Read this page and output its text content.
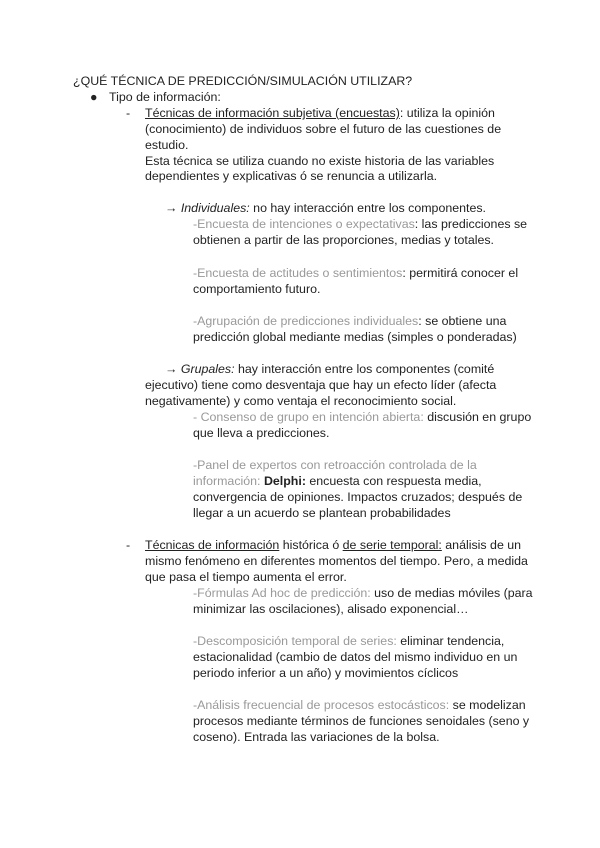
¿QUÉ TÉCNICA DE PREDICCIÓN/SIMULACIÓN UTILIZAR?
● Tipo de información:
- Técnicas de información subjetiva (encuestas): utiliza la opinión
(conocimiento) de individuos sobre el futuro de las cuestiones de
estudio.
Esta técnica se utiliza cuando no existe historia de las variables
dependientes y explicativas ó se renuncia a utilizarla.
→ Individuales: no hay interacción entre los componentes.
-Encuesta de intenciones o expectativas: las predicciones se
obtienen a partir de las proporciones, medias y totales.
-Encuesta de actitudes o sentimientos: permitirá conocer el
comportamiento futuro.
-Agrupación de predicciones individuales: se obtiene una
predicción global mediante medias (simples o ponderadas)
→ Grupales: hay interacción entre los componentes (comité
ejecutivo) tiene como desventaja que hay un efecto líder (afecta
negativamente) y como ventaja el reconocimiento social.
- Consenso de grupo en intención abierta: discusión en grupo
que lleva a predicciones.
-Panel de expertos con retroacción controlada de la
información: Delphi: encuesta con respuesta media,
convergencia de opiniones. Impactos cruzados; después de
llegar a un acuerdo se plantean probabilidades
- Técnicas de información histórica ó de serie temporal: análisis de un
mismo fenómeno en diferentes momentos del tiempo. Pero, a medida
que pasa el tiempo aumenta el error.
-Fórmulas Ad hoc de predicción: uso de medias móviles (para
minimizar las oscilaciones), alisado exponencial…
-Descomposición temporal de series: eliminar tendencia,
estacionalidad (cambio de datos del mismo individuo en un
periodo inferior a un año) y movimientos cíclicos
-Análisis frecuencial de procesos estocásticos: se modelizan
procesos mediante términos de funciones senoidales (seno y
coseno). Entrada las variaciones de la bolsa.
